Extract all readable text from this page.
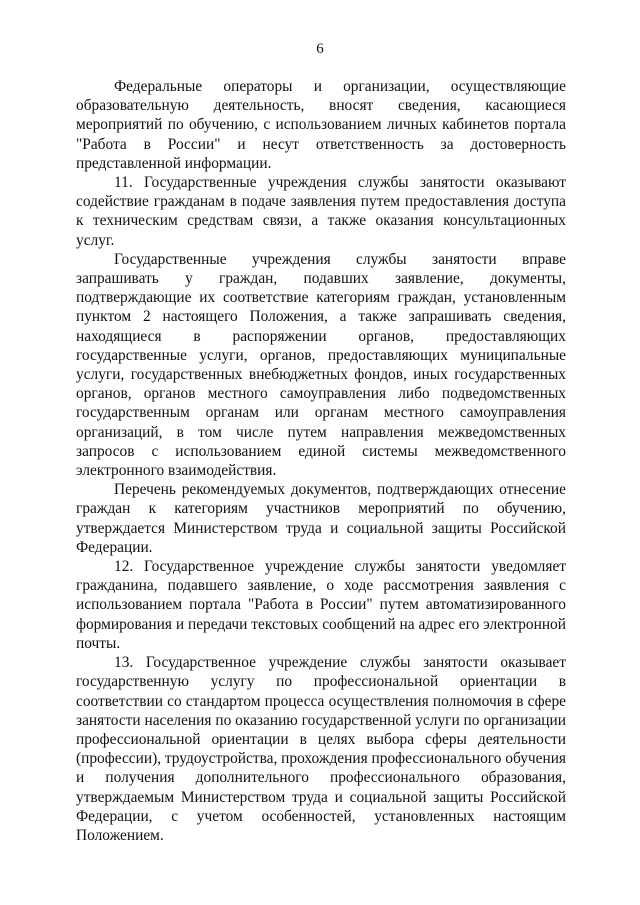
6

Федеральные операторы и организации, осуществляющие образовательную деятельность, вносят сведения, касающиеся мероприятий по обучению, с использованием личных кабинетов портала "Работа в России" и несут ответственность за достоверность представленной информации.

11. Государственные учреждения службы занятости оказывают содействие гражданам в подаче заявления путем предоставления доступа к техническим средствам связи, а также оказания консультационных услуг.

Государственные учреждения службы занятости вправе запрашивать у граждан, подавших заявление, документы, подтверждающие их соответствие категориям граждан, установленным пунктом 2 настоящего Положения, а также запрашивать сведения, находящиеся в распоряжении органов, предоставляющих государственные услуги, органов, предоставляющих муниципальные услуги, государственных внебюджетных фондов, иных государственных органов, органов местного самоуправления либо подведомственных государственным органам или органам местного самоуправления организаций, в том числе путем направления межведомственных запросов с использованием единой системы межведомственного электронного взаимодействия.

Перечень рекомендуемых документов, подтверждающих отнесение граждан к категориям участников мероприятий по обучению, утверждается Министерством труда и социальной защиты Российской Федерации.

12. Государственное учреждение службы занятости уведомляет гражданина, подавшего заявление, о ходе рассмотрения заявления с использованием портала "Работа в России" путем автоматизированного формирования и передачи текстовых сообщений на адрес его электронной почты.

13. Государственное учреждение службы занятости оказывает государственную услугу по профессиональной ориентации в соответствии со стандартом процесса осуществления полномочия в сфере занятости населения по оказанию государственной услуги по организации профессиональной ориентации в целях выбора сферы деятельности (профессии), трудоустройства, прохождения профессионального обучения и получения дополнительного профессионального образования, утверждаемым Министерством труда и социальной защиты Российской Федерации, с учетом особенностей, установленных настоящим Положением.
